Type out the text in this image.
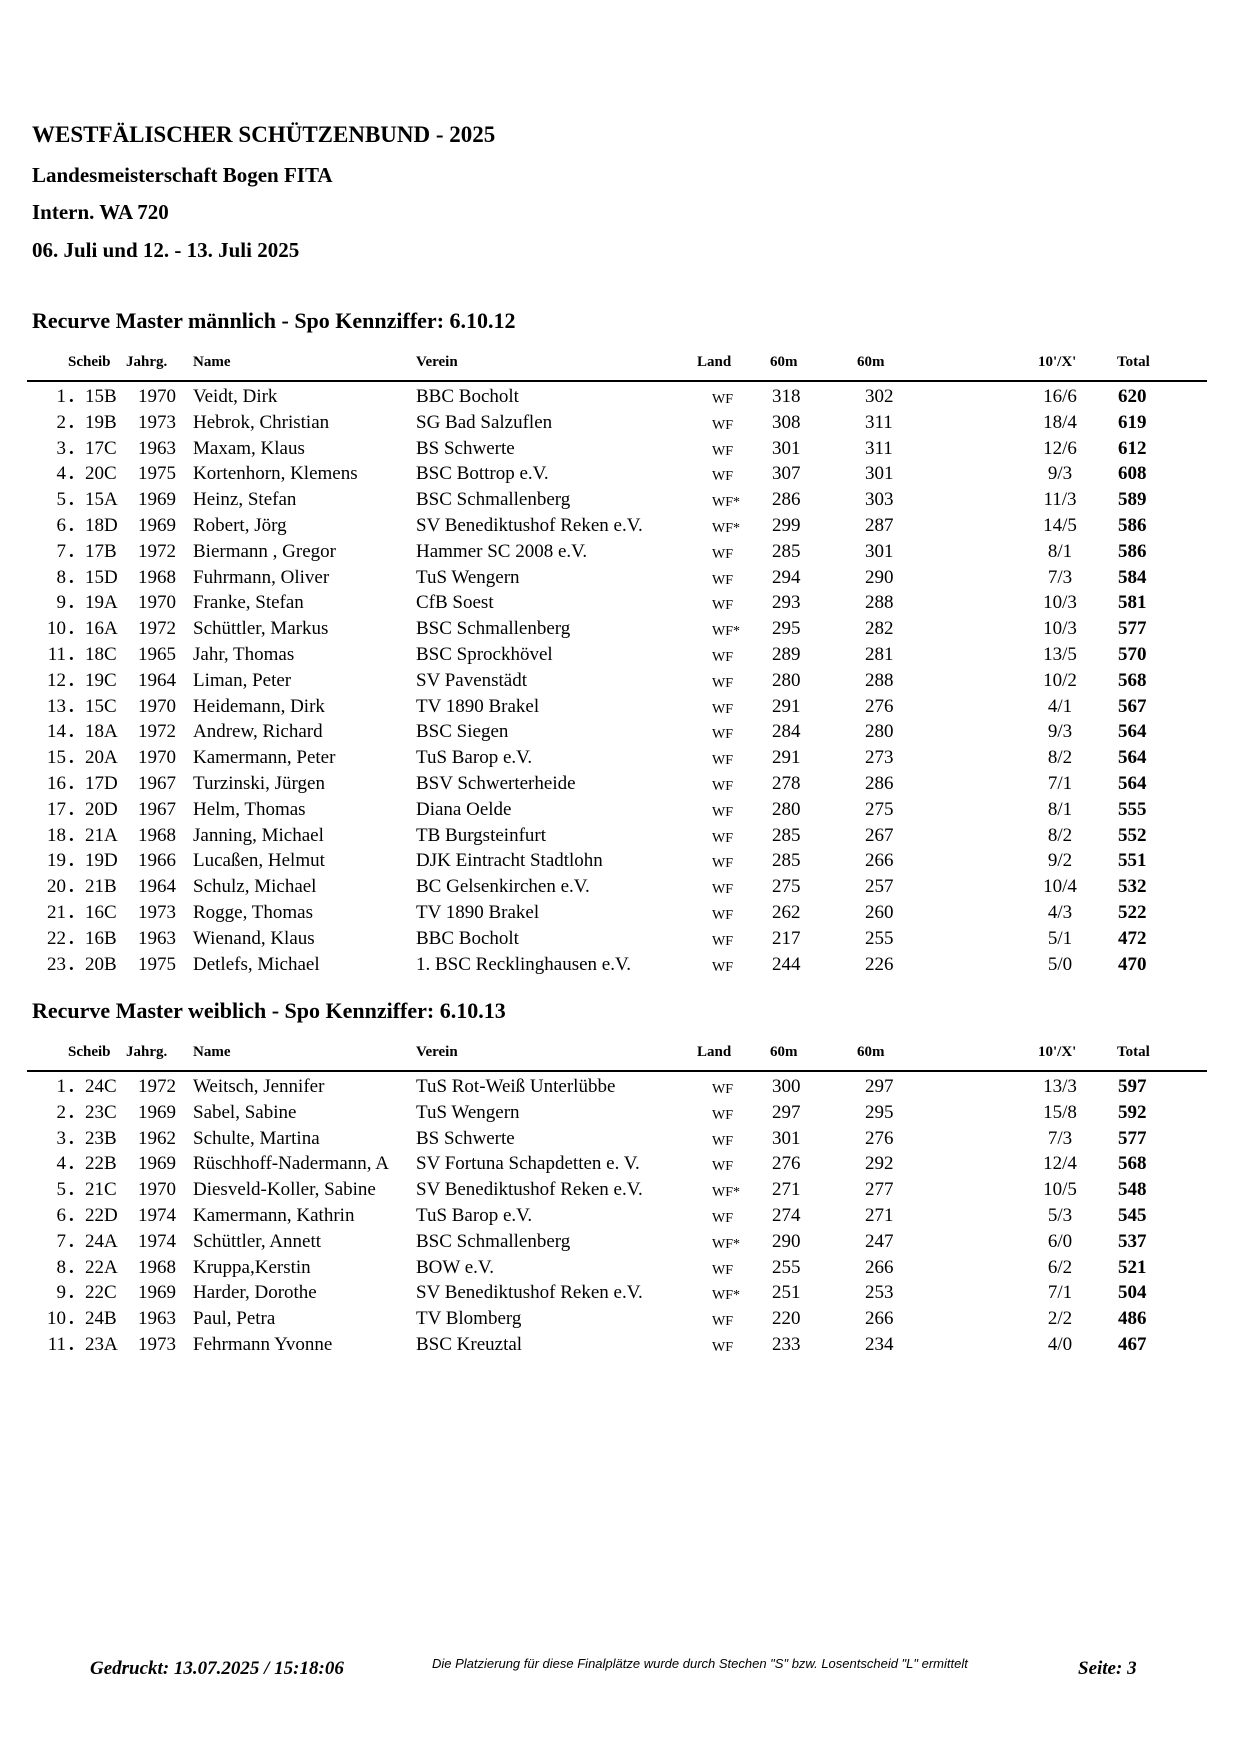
WESTFÄLISCHER SCHÜTZENBUND - 2025
Landesmeisterschaft Bogen FITA
Intern. WA 720
06. Juli und 12. - 13. Juli 2025
Recurve Master männlich - Spo Kennziffer: 6.10.12
Scheib Jahrg. Name	Verein	Land	60m	60m	10'/X'	Total
1 . 15B	1970 Veidt, Dirk	BBC Bocholt	WF	318	302	16/6	620
2 . 19B	1973 Hebrok, Christian	SG Bad Salzuflen	WF	308	311	18/4	619
3 . 17C	1963 Maxam, Klaus	BS Schwerte	WF	301	311	12/6	612
4 . 20C	1975 Kortenhorn, Klemens	BSC Bottrop e.V.	WF	307	301	9/3	608
5 . 15A	1969 Heinz, Stefan	BSC Schmallenberg	WF*	286	303	11/3	589
6 . 18D	1969 Robert, Jörg	SV Benediktushof Reken e.V.	WF*	299	287	14/5	586
7 . 17B	1972 Biermann , Gregor	Hammer SC 2008 e.V.	WF	285	301	8/1	586
8 . 15D	1968 Fuhrmann, Oliver	TuS Wengern	WF	294	290	7/3	584
9 . 19A	1970 Franke, Stefan	CfB Soest	WF	293	288	10/3	581
10 . 16A	1972 Schüttler, Markus	BSC Schmallenberg	WF*	295	282	10/3	577
11 . 18C	1965 Jahr, Thomas	BSC Sprockhövel	WF	289	281	13/5	570
12 . 19C	1964 Liman, Peter	SV Pavenstädt	WF	280	288	10/2	568
13 . 15C	1970 Heidemann, Dirk	TV 1890 Brakel	WF	291	276	4/1	567
14 . 18A	1972 Andrew, Richard	BSC Siegen	WF	284	280	9/3	564
15 . 20A	1970 Kamermann, Peter	TuS Barop e.V.	WF	291	273	8/2	564
16 . 17D	1967 Turzinski, Jürgen	BSV Schwerterheide	WF	278	286	7/1	564
17 . 20D	1967 Helm, Thomas	Diana Oelde	WF	280	275	8/1	555
18 . 21A	1968 Janning, Michael	TB Burgsteinfurt	WF	285	267	8/2	552
19 . 19D	1966 Lucaßen, Helmut	DJK Eintracht Stadtlohn	WF	285	266	9/2	551
20 . 21B	1964 Schulz, Michael	BC Gelsenkirchen e.V.	WF	275	257	10/4	532
21 . 16C	1973 Rogge, Thomas	TV 1890 Brakel	WF	262	260	4/3	522
22 . 16B	1963 Wienand, Klaus	BBC Bocholt	WF	217	255	5/1	472
23 . 20B	1975 Detlefs, Michael	1. BSC Recklinghausen e.V.	WF	244	226	5/0	470
Recurve Master weiblich - Spo Kennziffer: 6.10.13
Scheib Jahrg. Name	Verein	Land	60m	60m	10'/X'	Total
1 . 24C	1972 Weitsch, Jennifer	TuS Rot-Weiß Unterlübbe	WF	300	297	13/3	597
2 . 23C	1969 Sabel, Sabine	TuS Wengern	WF	297	295	15/8	592
3 . 23B	1962 Schulte, Martina	BS Schwerte	WF	301	276	7/3	577
4 . 22B	1969 Rüschhoff-Nadermann, A	SV Fortuna Schapdetten e. V.	WF	276	292	12/4	568
5 . 21C	1970 Diesveld-Koller, Sabine	SV Benediktushof Reken e.V.	WF*	271	277	10/5	548
6 . 22D	1974 Kamermann, Kathrin	TuS Barop e.V.	WF	274	271	5/3	545
7 . 24A	1974 Schüttler, Annett	BSC Schmallenberg	WF*	290	247	6/0	537
8 . 22A	1968 Kruppa,Kerstin	BOW e.V.	WF	255	266	6/2	521
9 . 22C	1969 Harder, Dorothe	SV Benediktushof Reken e.V.	WF*	251	253	7/1	504
10 . 24B	1963 Paul, Petra	TV Blomberg	WF	220	266	2/2	486
11 . 23A	1973 Fehrmann Yvonne	BSC Kreuztal	WF	233	234	4/0	467
Gedruckt: 13.07.2025 / 15:18:06	Die Platzierung für diese Finalplätze wurde durch Stechen "S" bzw. Losentscheid "L" ermittelt	Seite: 3
